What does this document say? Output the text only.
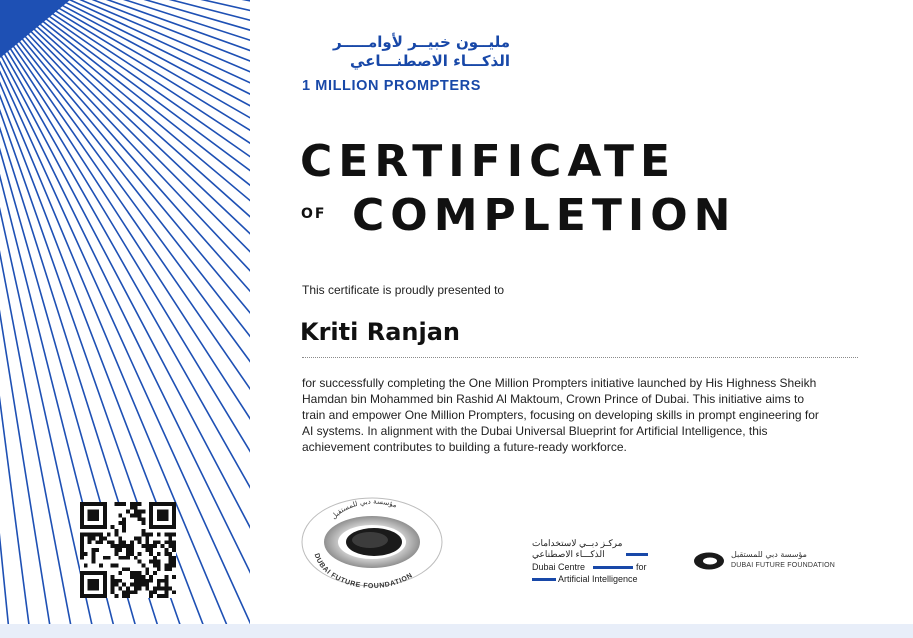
مليــون خبيــر لأوامـــــر
الذكـــاء الاصطنـــاعي
1 MILLION PROMPTERS
CERTIFICATE
OF COMPLETION
This certificate is proudly presented to
Kriti Ranjan
for successfully completing the One Million Prompters initiative launched by His Highness Sheikh Hamdan bin Mohammed bin Rashid Al Maktoum, Crown Prince of Dubai. This initiative aims to train and empower One Million Prompters, focusing on developing skills in prompt engineering for AI systems. In alignment with the Dubai Universal Blueprint for Artificial Intelligence, this achievement contributes to building a future-ready workforce.
مؤسسة دبي للمستقبل
DUBAI FUTURE FOUNDATION
مركـز دبــي لاستخدامات
الذكـــاء الاصطناعي
Dubai Centre	for
Artificial Intelligence
مؤسسة دبي للمستقبل
DUBAI FUTURE FOUNDATION
